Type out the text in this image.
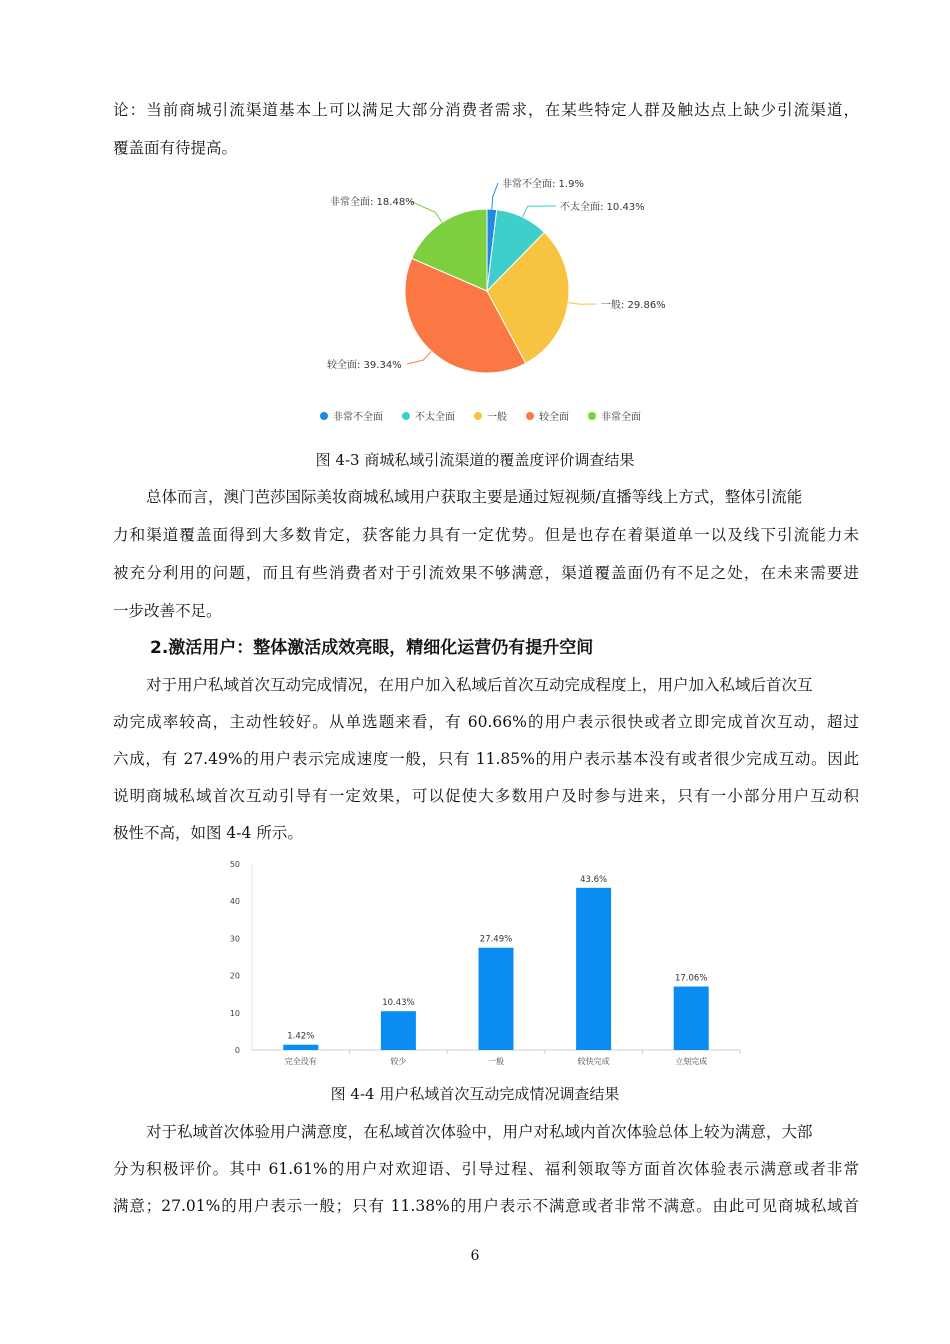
论：当前商城引流渠道基本上可以满足大部分消费者需求，在某些特定人群及触达点上缺少引流渠道，
覆盖面有待提高。
非常不全面: 1.9%
不太全面: 10.43%
一般: 29.86%
较全面: 39.34%
非常全面: 18.48%
非常不全面	不太全面	一般	较全面	非常全面
图 4-3 商城私域引流渠道的覆盖度评价调查结果
总体而言，澳门芭莎国际美妆商城私域用户获取主要是通过短视频/直播等线上方式，整体引流能
力和渠道覆盖面得到大多数肯定，获客能力具有一定优势。但是也存在着渠道单一以及线下引流能力未
被充分利用的问题，而且有些消费者对于引流效果不够满意，渠道覆盖面仍有不足之处，在未来需要进
一步改善不足。
2.激活用户：整体激活成效亮眼，精细化运营仍有提升空间
对于用户私域首次互动完成情况，在用户加入私域后首次互动完成程度上，用户加入私域后首次互
动完成率较高，主动性较好。从单选题来看，有 60.66%的用户表示很快或者立即完成首次互动，超过
六成，有 27.49%的用户表示完成速度一般，只有 11.85%的用户表示基本没有或者很少完成互动。因此
说明商城私域首次互动引导有一定效果，可以促使大多数用户及时参与进来，只有一小部分用户互动积
极性不高，如图 4-4 所示。
0
10
20
30
40
50
完全没有	较少	一般	较快完成	立刻完成
1.42%
10.43%
27.49%
43.6%
17.06%
图 4-4 用户私域首次互动完成情况调查结果
对于私域首次体验用户满意度，在私域首次体验中，用户对私域内首次体验总体上较为满意，大部
分为积极评价。其中 61.61%的用户对欢迎语、引导过程、福利领取等方面首次体验表示满意或者非常
满意；27.01%的用户表示一般；只有 11.38%的用户表示不满意或者非常不满意。由此可见商城私域首
6
